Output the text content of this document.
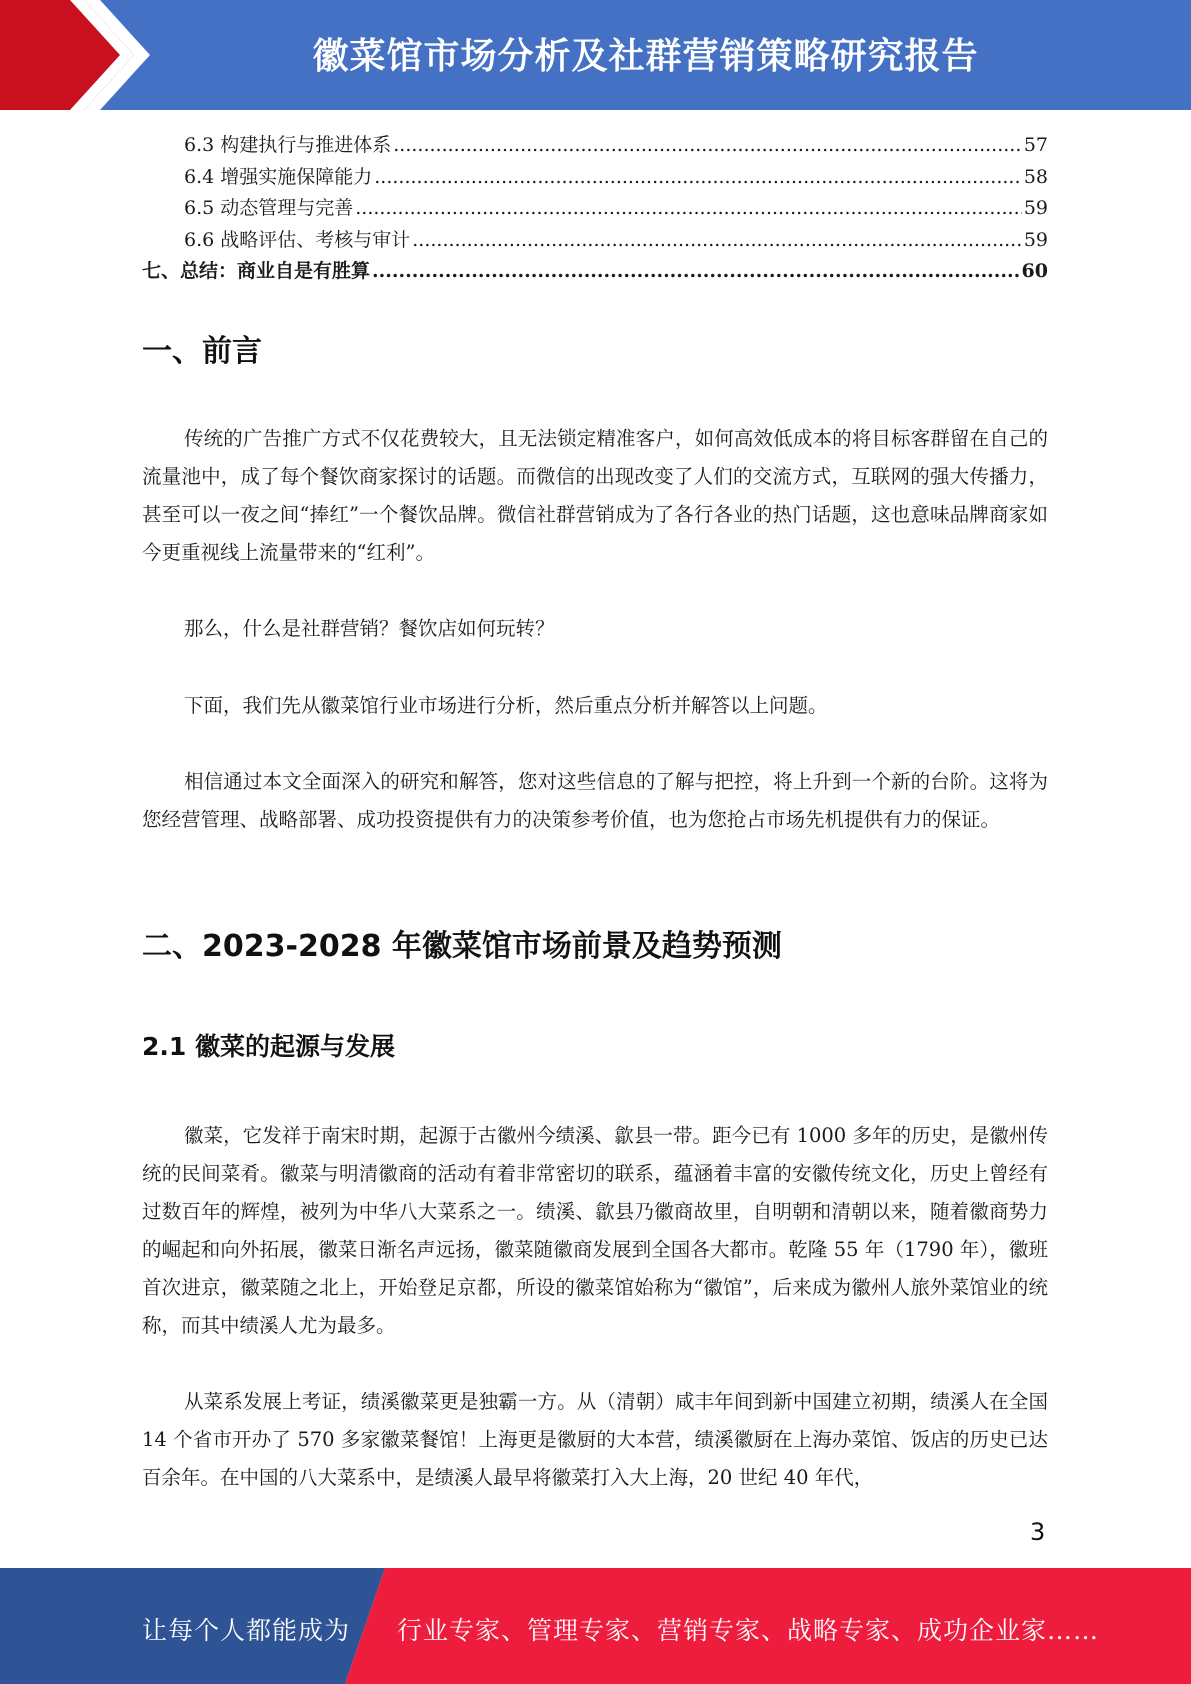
徽菜馆市场分析及社群营销策略研究报告
6.3 构建执行与推进体系 .....	57
6.4 增强实施保障能力 .....	58
6.5 动态管理与完善 .....	59
6.6 战略评估、考核与审计 .....	59
七、总结：商业自是有胜算 .....	60
一、前言

传统的广告推广方式不仅花费较大，且无法锁定精准客户，如何高效低成本的将目标客群留在自己的流量池中，成了每个餐饮商家探讨的话题。而微信的出现改变了人们的交流方式，互联网的强大传播力，甚至可以一夜之间“捧红”一个餐饮品牌。微信社群营销成为了各行各业的热门话题，这也意味品牌商家如今更重视线上流量带来的“红利”。

那么，什么是社群营销？餐饮店如何玩转？

下面，我们先从徽菜馆行业市场进行分析，然后重点分析并解答以上问题。

相信通过本文全面深入的研究和解答，您对这些信息的了解与把控，将上升到一个新的台阶。这将为您经营管理、战略部署、成功投资提供有力的决策参考价值，也为您抢占市场先机提供有力的保证。

二、2023-2028 年徽菜馆市场前景及趋势预测
2.1 徽菜的起源与发展

徽菜，它发祥于南宋时期，起源于古徽州今绩溪、歙县一带。距今已有 1000 多年的历史，是徽州传统的民间菜肴。徽菜与明清徽商的活动有着非常密切的联系，蕴涵着丰富的安徽传统文化，历史上曾经有过数百年的辉煌，被列为中华八大菜系之一。绩溪、歙县乃徽商故里，自明朝和清朝以来，随着徽商势力的崛起和向外拓展，徽菜日渐名声远扬，徽菜随徽商发展到全国各大都市。乾隆 55 年（1790 年），徽班首次进京，徽菜随之北上，开始登足京都，所设的徽菜馆始称为“徽馆”，后来成为徽州人旅外菜馆业的统称，而其中绩溪人尤为最多。

从菜系发展上考证，绩溪徽菜更是独霸一方。从（清朝）咸丰年间到新中国建立初期，绩溪人在全国 14 个省市开办了 570 多家徽菜餐馆！上海更是徽厨的大本营，绩溪徽厨在上海办菜馆、饭店的历史已达百余年。在中国的八大菜系中，是绩溪人最早将徽菜打入大上海，20 世纪 40 年代，

3
让每个人都能成为 行业专家、管理专家、营销专家、战略专家、成功企业家……
